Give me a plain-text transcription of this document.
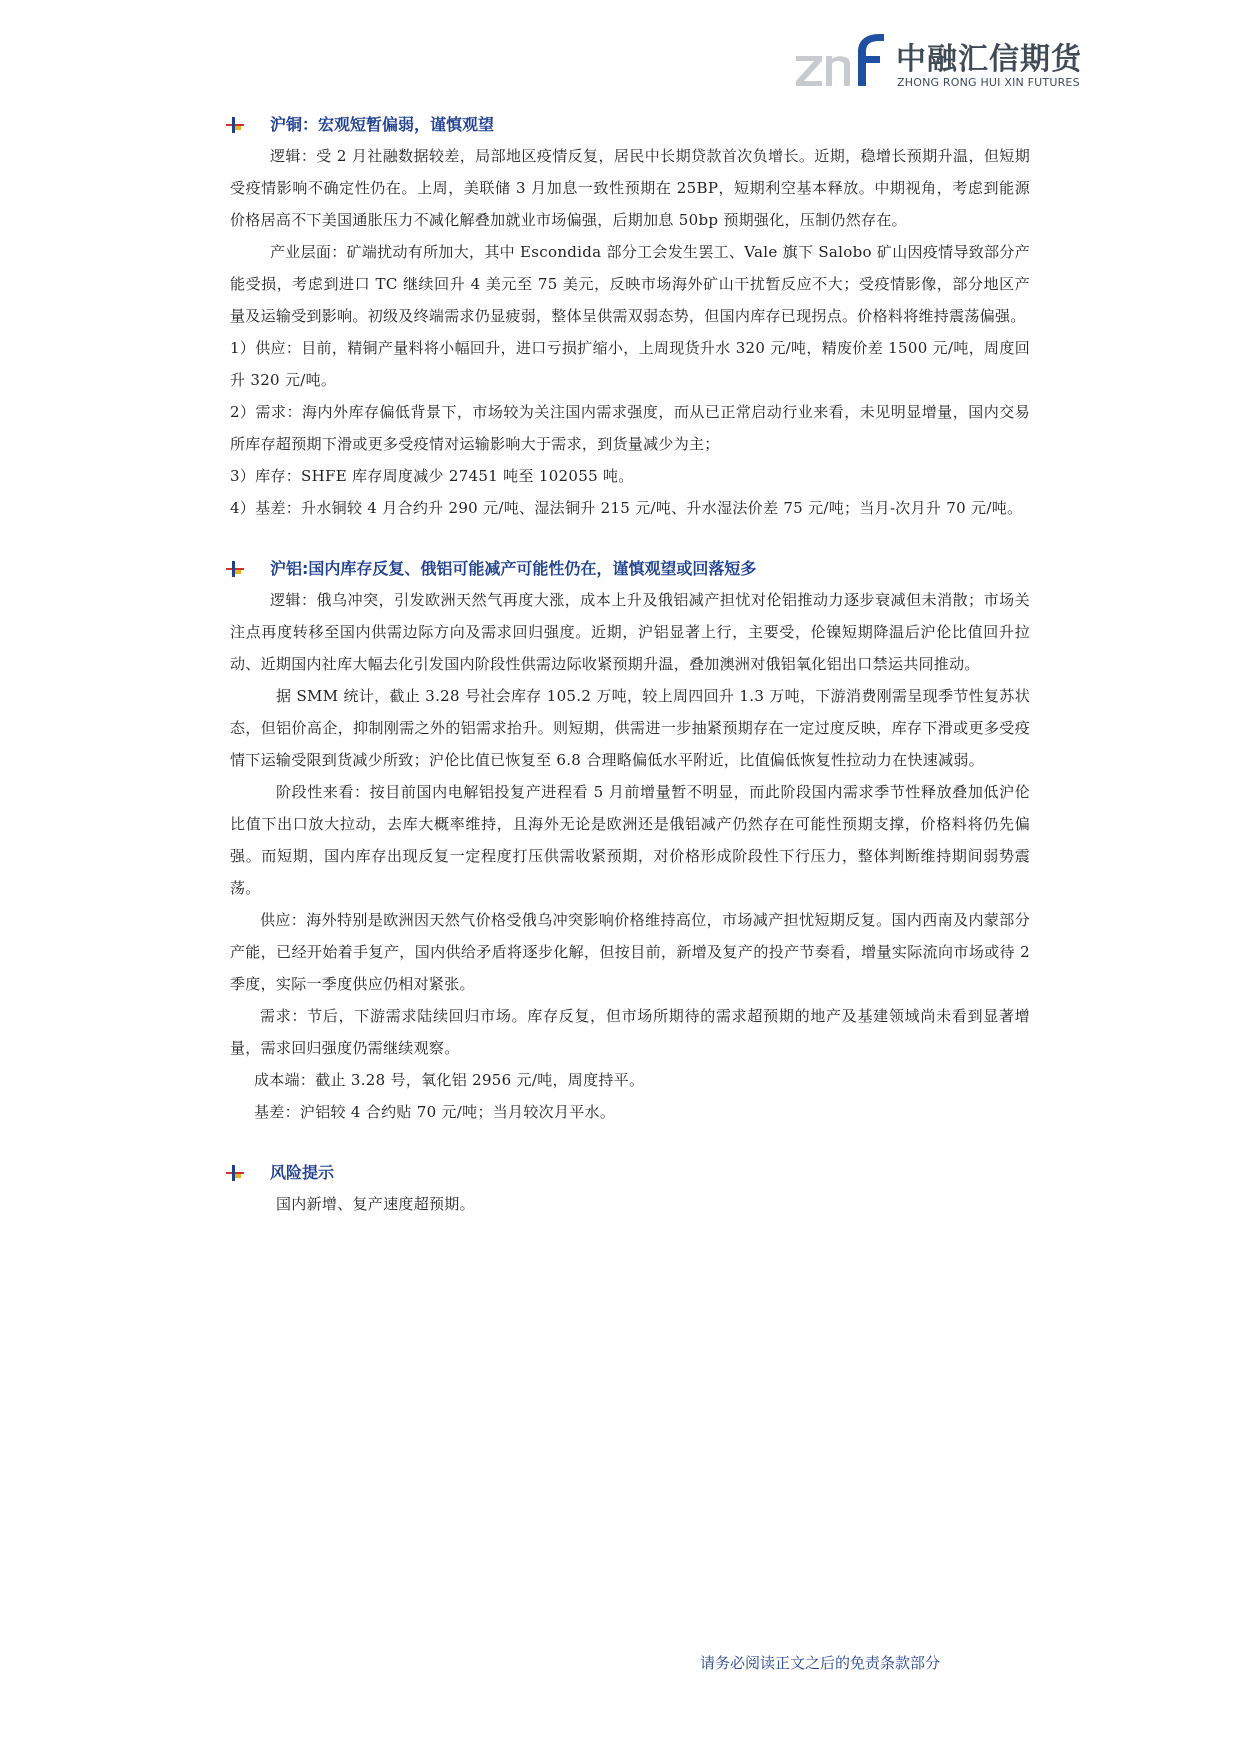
中融汇信期货
ZHONG RONG HUI XIN FUTURES
沪铜：宏观短暂偏弱，谨慎观望

逻辑：受 2 月社融数据较差，局部地区疫情反复，居民中长期贷款首次负增长。近期，稳增长预期升温，但短期受疫情影响不确定性仍在。上周，美联储 3 月加息一致性预期在 25BP，短期利空基本释放。中期视角，考虑到能源价格居高不下美国通胀压力不减化解叠加就业市场偏强，后期加息 50bp 预期强化，压制仍然存在。

产业层面：矿端扰动有所加大，其中 Escondida 部分工会发生罢工、Vale 旗下 Salobo 矿山因疫情导致部分产能受损，考虑到进口 TC 继续回升 4 美元至 75 美元，反映市场海外矿山干扰暂反应不大；受疫情影像，部分地区产量及运输受到影响。初级及终端需求仍显疲弱，整体呈供需双弱态势，但国内库存已现拐点。价格料将维持震荡偏强。

1）供应：目前，精铜产量料将小幅回升，进口亏损扩缩小，上周现货升水 320 元/吨，精废价差 1500 元/吨，周度回升 320 元/吨。

2）需求：海内外库存偏低背景下，市场较为关注国内需求强度，而从已正常启动行业来看，未见明显增量，国内交易所库存超预期下滑或更多受疫情对运输影响大于需求，到货量减少为主；

3）库存：SHFE 库存周度减少 27451 吨至 102055 吨。

4）基差：升水铜较 4 月合约升 290 元/吨、湿法铜升 215 元/吨、升水湿法价差 75 元/吨；当月-次月升 70 元/吨。

沪铝:国内库存反复、俄铝可能减产可能性仍在，谨慎观望或回落短多

逻辑：俄乌冲突，引发欧洲天然气再度大涨，成本上升及俄铝减产担忧对伦铝推动力逐步衰减但未消散；市场关注点再度转移至国内供需边际方向及需求回归强度。近期，沪铝显著上行，主要受，伦镍短期降温后沪伦比值回升拉动、近期国内社库大幅去化引发国内阶段性供需边际收紧预期升温，叠加澳洲对俄铝氧化铝出口禁运共同推动。

据 SMM 统计，截止 3.28 号社会库存 105.2 万吨，较上周四回升 1.3 万吨，下游消费刚需呈现季节性复苏状态，但铝价高企，抑制刚需之外的铝需求抬升。则短期，供需进一步抽紧预期存在一定过度反映，库存下滑或更多受疫情下运输受限到货减少所致；沪伦比值已恢复至 6.8 合理略偏低水平附近，比值偏低恢复性拉动力在快速减弱。

阶段性来看：按目前国内电解铝投复产进程看 5 月前增量暂不明显，而此阶段国内需求季节性释放叠加低沪伦比值下出口放大拉动，去库大概率维持，且海外无论是欧洲还是俄铝减产仍然存在可能性预期支撑，价格料将仍先偏强。而短期，国内库存出现反复一定程度打压供需收紧预期，对价格形成阶段性下行压力，整体判断维持期间弱势震荡。

供应：海外特别是欧洲因天然气价格受俄乌冲突影响价格维持高位，市场减产担忧短期反复。国内西南及内蒙部分产能，已经开始着手复产，国内供给矛盾将逐步化解，但按目前，新增及复产的投产节奏看，增量实际流向市场或待 2 季度，实际一季度供应仍相对紧张。

需求：节后，下游需求陆续回归市场。库存反复，但市场所期待的需求超预期的地产及基建领域尚未看到显著增量，需求回归强度仍需继续观察。

成本端：截止 3.28 号，氧化铝 2956 元/吨，周度持平。

基差：沪铝较 4 合约贴 70 元/吨；当月较次月平水。

风险提示

国内新增、复产速度超预期。

请务必阅读正文之后的免责条款部分
